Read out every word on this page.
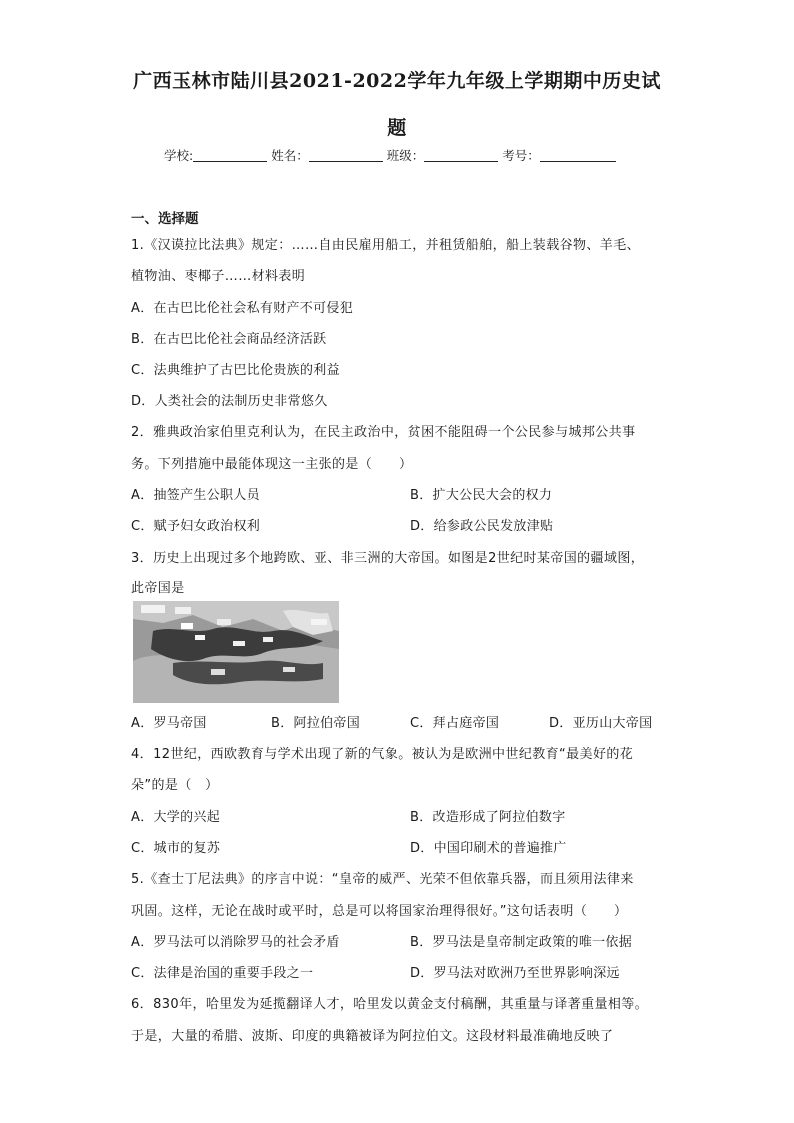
广西玉林市陆川县2021-2022学年九年级上学期期中历史试
题
学校:	姓名：	班级：	考号：
一、选择题
1.《汉谟拉比法典》规定：……自由民雇用船工，并租赁船舶，船上装载谷物、羊毛、
植物油、枣椰子……材料表明
A．在古巴比伦社会私有财产不可侵犯
B．在古巴比伦社会商品经济活跃
C．法典维护了古巴比伦贵族的利益
D．人类社会的法制历史非常悠久
2．雅典政治家伯里克利认为，在民主政治中，贫困不能阻碍一个公民参与城邦公共事
务。下列措施中最能体现这一主张的是（　　）
A．抽签产生公职人员	B．扩大公民大会的权力
C．赋予妇女政治权利	D．给参政公民发放津贴
3．历史上出现过多个地跨欧、亚、非三洲的大帝国。如图是2世纪时某帝国的疆域图，
此帝国是
A．罗马帝国	B．阿拉伯帝国	C．拜占庭帝国	D．亚历山大帝国
4．12世纪，西欧教育与学术出现了新的气象。被认为是欧洲中世纪教育“最美好的花
朵”的是（　）
A．大学的兴起	B．改造形成了阿拉伯数字
C．城市的复苏	D．中国印刷术的普遍推广
5.《查士丁尼法典》的序言中说：“皇帝的威严、光荣不但依靠兵器，而且须用法律来
巩固。这样，无论在战时或平时，总是可以将国家治理得很好。”这句话表明（　　）
A．罗马法可以消除罗马的社会矛盾	B．罗马法是皇帝制定政策的唯一依据
C．法律是治国的重要手段之一	D．罗马法对欧洲乃至世界影响深远
6．830年，哈里发为延揽翻译人才，哈里发以黄金支付稿酬，其重量与译著重量相等。
于是，大量的希腊、波斯、印度的典籍被译为阿拉伯文。这段材料最准确地反映了
